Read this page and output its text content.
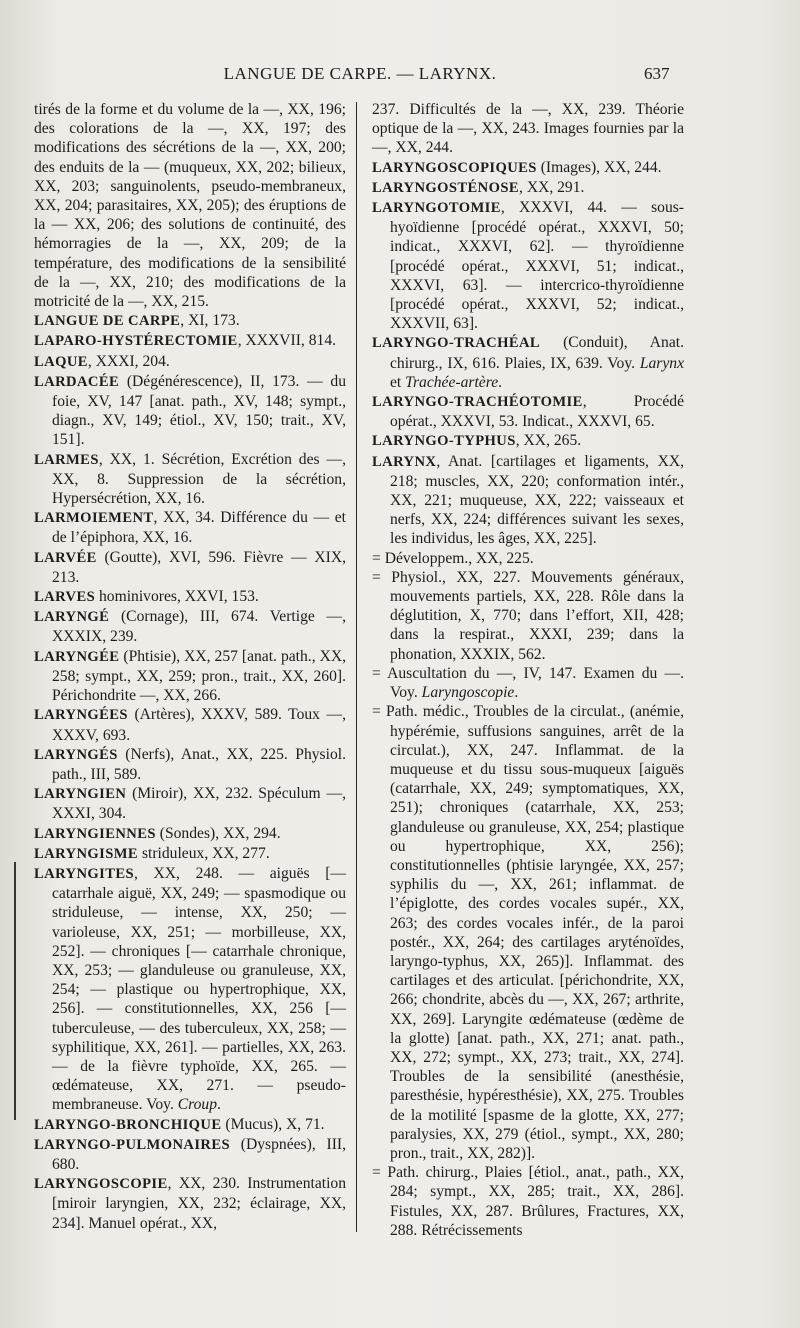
LANGUE DE CARPE. — LARYNX.	637

tirés de la forme et du volume de la —, XX, 196; des colorations de la —, XX, 197; des modifications des sécrétions de la —, XX, 200; des enduits de la — (muqueux, XX, 202; bilieux, XX, 203; sanguinolents, pseudo-membraneux, XX, 204; parasitaires, XX, 205); des éruptions de la — XX, 206; des solutions de continuité, des hémorragies de la —, XX, 209; de la température, des modifications de la sensibilité de la —, XX, 210; des modifications de la motricité de la —, XX, 215.

LANGUE DE CARPE, XI, 173.

LAPARO-HYSTÉRECTOMIE, XXXVII, 814.

LAQUE, XXXI, 204.

LARDACÉE (Dégénérescence), II, 173. — du foie, XV, 147 [anat. path., XV, 148; sympt., diagn., XV, 149; étiol., XV, 150; trait., XV, 151].

LARMES, XX, 1. Sécrétion, Excrétion des —, XX, 8. Suppression de la sécrétion, Hypersécrétion, XX, 16.

LARMOIEMENT, XX, 34. Différence du — et de l’épiphora, XX, 16.

LARVÉE (Goutte), XVI, 596. Fièvre — XIX, 213.

LARVES hominivores, XXVI, 153.

LARYNGÉ (Cornage), III, 674. Vertige —, XXXIX, 239.

LARYNGÉE (Phtisie), XX, 257 [anat. path., XX, 258; sympt., XX, 259; pron., trait., XX, 260]. Périchondrite —, XX, 266.

LARYNGÉES (Artères), XXXV, 589. Toux —, XXXV, 693.

LARYNGÉS (Nerfs), Anat., XX, 225. Physiol. path., III, 589.

LARYNGIEN (Miroir), XX, 232. Spéculum —, XXXI, 304.

LARYNGIENNES (Sondes), XX, 294.

LARYNGISME striduleux, XX, 277.

LARYNGITES, XX, 248. — aiguës [— catarrhale aiguë, XX, 249; — spasmodique ou striduleuse, — intense, XX, 250; — varioleuse, XX, 251; — morbilleuse, XX, 252]. — chroniques [— catarrhale chronique, XX, 253; — glanduleuse ou granuleuse, XX, 254; — plastique ou hypertrophique, XX, 256]. — constitutionnelles, XX, 256 [— tuberculeuse, — des tuberculeux, XX, 258; — syphilitique, XX, 261]. — partielles, XX, 263. — de la fièvre typhoïde, XX, 265. — œdémateuse, XX, 271. — pseudo-membraneuse. Voy. Croup.

LARYNGO-BRONCHIQUE (Mucus), X, 71.

LARYNGO-PULMONAIRES (Dyspnées), III, 680.

LARYNGOSCOPIE, XX, 230. Instrumentation [miroir laryngien, XX, 232; éclairage, XX, 234]. Manuel opérat., XX,

237. Difficultés de la —, XX, 239. Théorie optique de la —, XX, 243. Images fournies par la —, XX, 244.

LARYNGOSCOPIQUES (Images), XX, 244.

LARYNGOSTÉNOSE, XX, 291.

LARYNGOTOMIE, XXXVI, 44. — sous-hyoïdienne [procédé opérat., XXXVI, 50; indicat., XXXVI, 62]. — thyroïdienne [procédé opérat., XXXVI, 51; indicat., XXXVI, 63]. — intercrico-thyroïdienne [procédé opérat., XXXVI, 52; indicat., XXXVII, 63].

LARYNGO-TRACHÉAL (Conduit), Anat. chirurg., IX, 616. Plaies, IX, 639. Voy. Larynx et Trachée-artère.

LARYNGO-TRACHÉOTOMIE, Procédé opérat., XXXVI, 53. Indicat., XXXVI, 65.

LARYNGO-TYPHUS, XX, 265.

LARYNX, Anat. [cartilages et ligaments, XX, 218; muscles, XX, 220; conformation intér., XX, 221; muqueuse, XX, 222; vaisseaux et nerfs, XX, 224; différences suivant les sexes, les individus, les âges, XX, 225].

= Développem., XX, 225.

= Physiol., XX, 227. Mouvements généraux, mouvements partiels, XX, 228. Rôle dans la déglutition, X, 770; dans l’effort, XII, 428; dans la respirat., XXXI, 239; dans la phonation, XXXIX, 562.

= Auscultation du —, IV, 147. Examen du —. Voy. Laryngoscopie.

= Path. médic., Troubles de la circulat., (anémie, hypérémie, suffusions sanguines, arrêt de la circulat.), XX, 247. Inflammat. de la muqueuse et du tissu sous-muqueux [aiguës (catarrhale, XX, 249; symptomatiques, XX, 251); chroniques (catarrhale, XX, 253; glanduleuse ou granuleuse, XX, 254; plastique ou hypertrophique, XX, 256); constitutionnelles (phtisie laryngée, XX, 257; syphilis du —, XX, 261; inflammat. de l’épiglotte, des cordes vocales supér., XX, 263; des cordes vocales infér., de la paroi postér., XX, 264; des cartilages aryténoïdes, laryngo-typhus, XX, 265)]. Inflammat. des cartilages et des articulat. [périchondrite, XX, 266; chondrite, abcès du —, XX, 267; arthrite, XX, 269]. Laryngite œdémateuse (œdème de la glotte) [anat. path., XX, 271; anat. path., XX, 272; sympt., XX, 273; trait., XX, 274]. Troubles de la sensibilité (anesthésie, paresthésie, hypéresthésie), XX, 275. Troubles de la motilité [spasme de la glotte, XX, 277; paralysies, XX, 279 (étiol., sympt., XX, 280; pron., trait., XX, 282)].

= Path. chirurg., Plaies [étiol., anat., path., XX, 284; sympt., XX, 285; trait., XX, 286]. Fistules, XX, 287. Brûlures, Fractures, XX, 288. Rétrécissements
